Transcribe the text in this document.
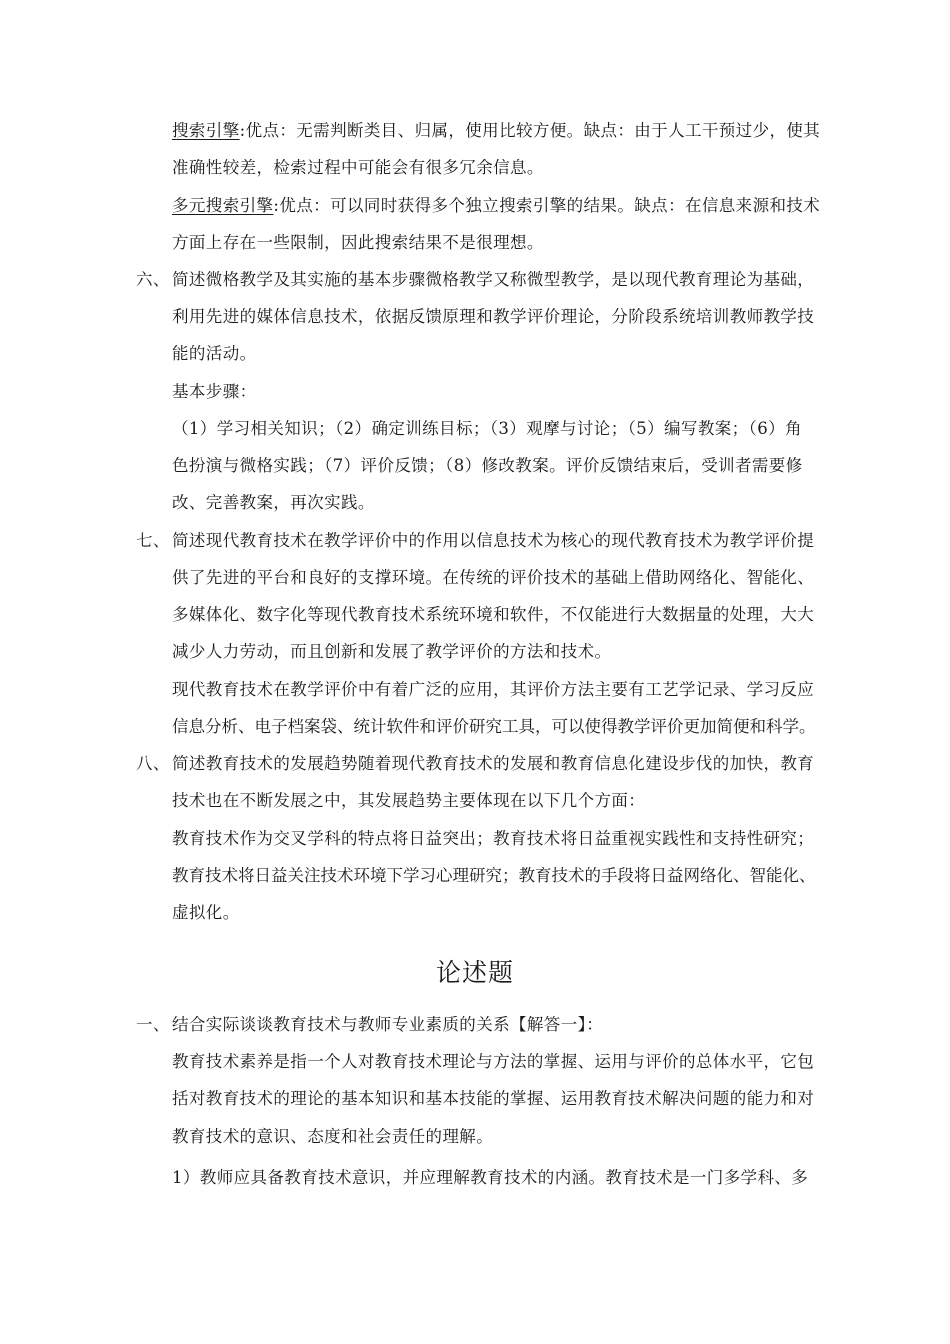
搜索引擎:优点：无需判断类目、归属，使用比较方便。缺点：由于人工干预过少，使其
准确性较差，检索过程中可能会有很多冗余信息。
多元搜索引擎:优点：可以同时获得多个独立搜索引擎的结果。缺点：在信息来源和技术
方面上存在一些限制，因此搜索结果不是很理想。
六、 简述微格教学及其实施的基本步骤微格教学又称微型教学，是以现代教育理论为基础，
利用先进的媒体信息技术，依据反馈原理和教学评价理论，分阶段系统培训教师教学技
能的活动。
基本步骤：
（1）学习相关知识；（2）确定训练目标；（3）观摩与讨论；（5）编写教案；（6）角
色扮演与微格实践；（7）评价反馈；（8）修改教案。评价反馈结束后，受训者需要修
改、完善教案，再次实践。
七、 简述现代教育技术在教学评价中的作用以信息技术为核心的现代教育技术为教学评价提
供了先进的平台和良好的支撑环境。在传统的评价技术的基础上借助网络化、智能化、
多媒体化、数字化等现代教育技术系统环境和软件，不仅能进行大数据量的处理，大大
减少人力劳动，而且创新和发展了教学评价的方法和技术。
现代教育技术在教学评价中有着广泛的应用，其评价方法主要有工艺学记录、学习反应
信息分析、电子档案袋、统计软件和评价研究工具，可以使得教学评价更加简便和科学。
八、 简述教育技术的发展趋势随着现代教育技术的发展和教育信息化建设步伐的加快，教育
技术也在不断发展之中，其发展趋势主要体现在以下几个方面：
教育技术作为交叉学科的特点将日益突出；教育技术将日益重视实践性和支持性研究；
教育技术将日益关注技术环境下学习心理研究；教育技术的手段将日益网络化、智能化、
虚拟化。
论述题
一、 结合实际谈谈教育技术与教师专业素质的关系【解答一】：
教育技术素养是指一个人对教育技术理论与方法的掌握、运用与评价的总体水平，它包
括对教育技术的理论的基本知识和基本技能的掌握、运用教育技术解决问题的能力和对
教育技术的意识、态度和社会责任的理解。
1）教师应具备教育技术意识，并应理解教育技术的内涵。教育技术是一门多学科、多
